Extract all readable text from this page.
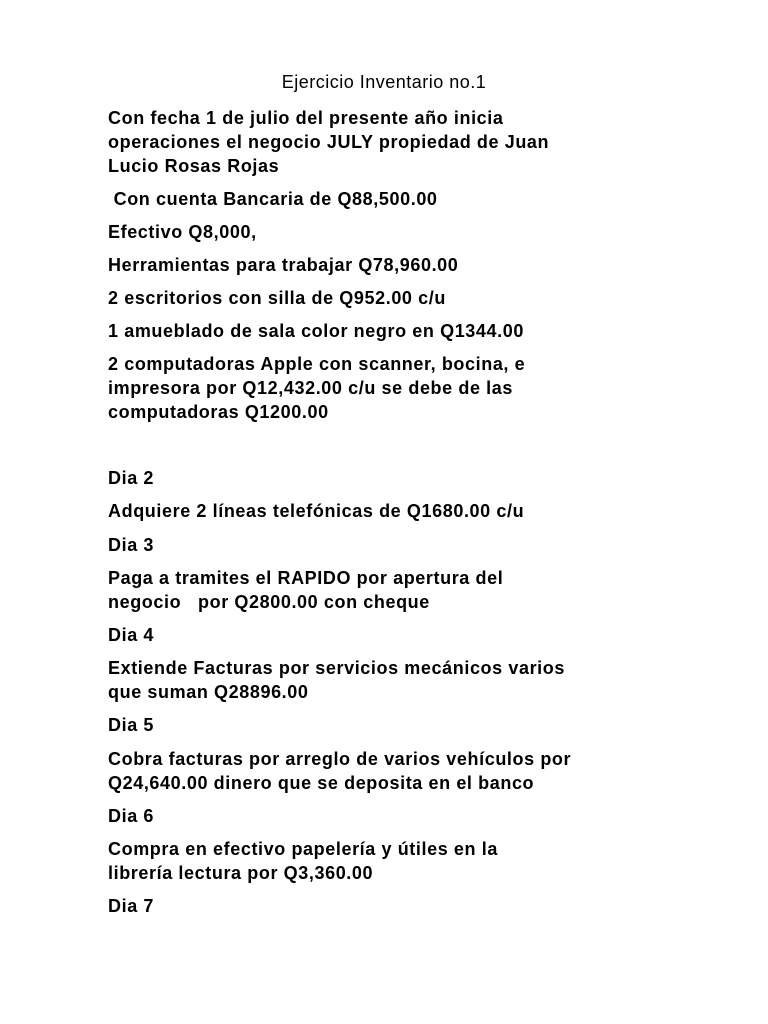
Ejercicio Inventario no.1

Con fecha 1 de julio del presente año inicia
operaciones el negocio JULY propiedad de Juan
Lucio Rosas Rojas

Con cuenta Bancaria de Q88,500.00

Efectivo Q8,000,

Herramientas para trabajar Q78,960.00

2 escritorios con silla de Q952.00 c/u

1 amueblado de sala color negro en Q1344.00

2 computadoras Apple con scanner, bocina, e
impresora por Q12,432.00 c/u se debe de las
computadoras Q1200.00

Dia 2

Adquiere 2 líneas telefónicas de Q1680.00 c/u

Dia 3

Paga a tramites el RAPIDO por apertura del
negocio   por Q2800.00 con cheque

Dia 4

Extiende Facturas por servicios mecánicos varios
que suman Q28896.00

Dia 5

Cobra facturas por arreglo de varios vehículos por
Q24,640.00 dinero que se deposita en el banco

Dia 6

Compra en efectivo papelería y útiles en la
librería lectura por Q3,360.00

Dia 7
